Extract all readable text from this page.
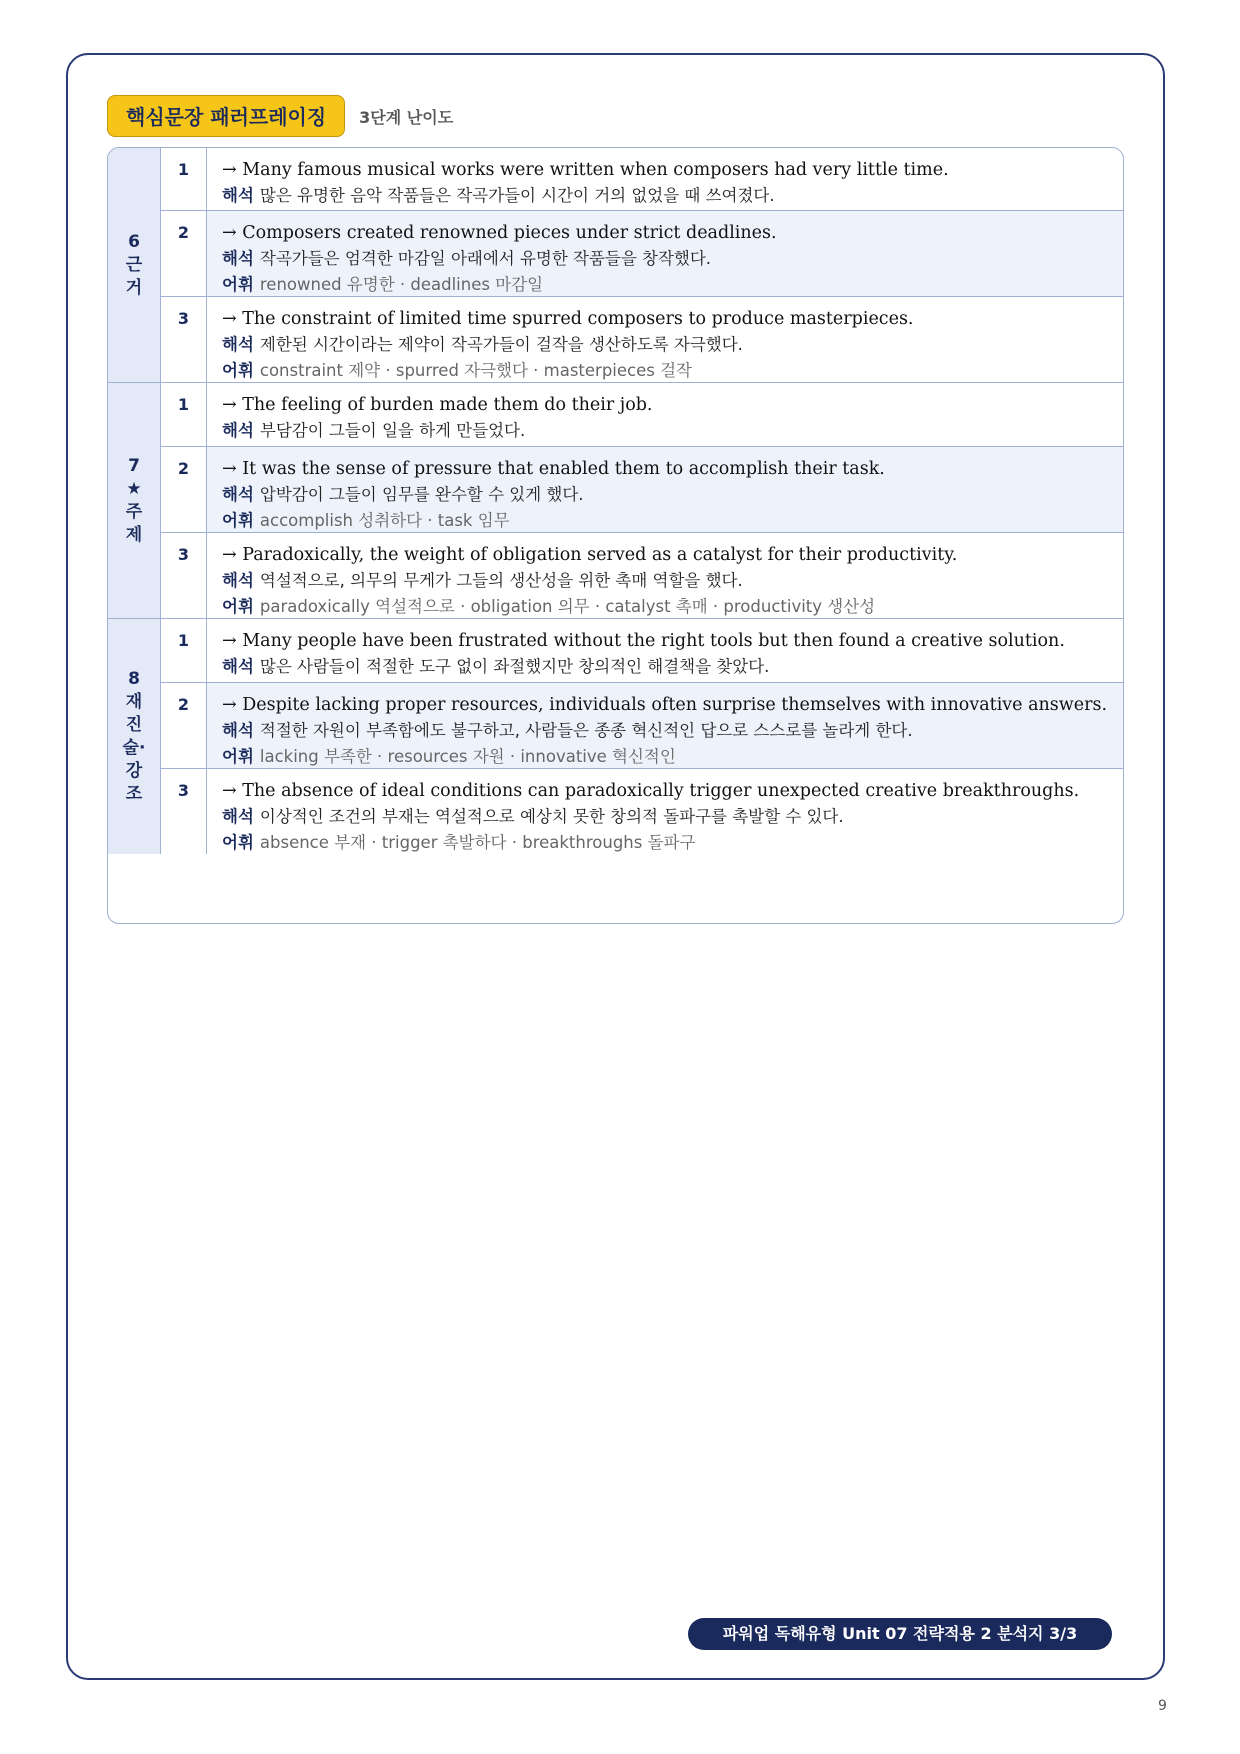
핵심문장 패러프레이징	3단계 난이도
6
근
거
1	→ Many famous musical works were written when composers had very little time.
해석 많은 유명한 음악 작품들은 작곡가들이 시간이 거의 없었을 때 쓰여졌다.
2	→ Composers created renowned pieces under strict deadlines.
해석 작곡가들은 엄격한 마감일 아래에서 유명한 작품들을 창작했다.
어휘 renowned 유명한 · deadlines 마감일
3	→ The constraint of limited time spurred composers to produce masterpieces.
해석 제한된 시간이라는 제약이 작곡가들이 걸작을 생산하도록 자극했다.
어휘 constraint 제약 · spurred 자극했다 · masterpieces 걸작
7
★
주
제
1	→ The feeling of burden made them do their job.
해석 부담감이 그들이 일을 하게 만들었다.
2	→ It was the sense of pressure that enabled them to accomplish their task.
해석 압박감이 그들이 임무를 완수할 수 있게 했다.
어휘 accomplish 성취하다 · task 임무
3	→ Paradoxically, the weight of obligation served as a catalyst for their productivity.
해석 역설적으로, 의무의 무게가 그들의 생산성을 위한 촉매 역할을 했다.
어휘 paradoxically 역설적으로 · obligation 의무 · catalyst 촉매 · productivity 생산성
8
재
진
술·
강
조
1	→ Many people have been frustrated without the right tools but then found a creative solution.
해석 많은 사람들이 적절한 도구 없이 좌절했지만 창의적인 해결책을 찾았다.
2	→ Despite lacking proper resources, individuals often surprise themselves with innovative answers.
해석 적절한 자원이 부족함에도 불구하고, 사람들은 종종 혁신적인 답으로 스스로를 놀라게 한다.
어휘 lacking 부족한 · resources 자원 · innovative 혁신적인
3	→ The absence of ideal conditions can paradoxically trigger unexpected creative breakthroughs.
해석 이상적인 조건의 부재는 역설적으로 예상치 못한 창의적 돌파구를 촉발할 수 있다.
어휘 absence 부재 · trigger 촉발하다 · breakthroughs 돌파구
파워업 독해유형 Unit 07 전략적용 2 분석지 3/3
9
